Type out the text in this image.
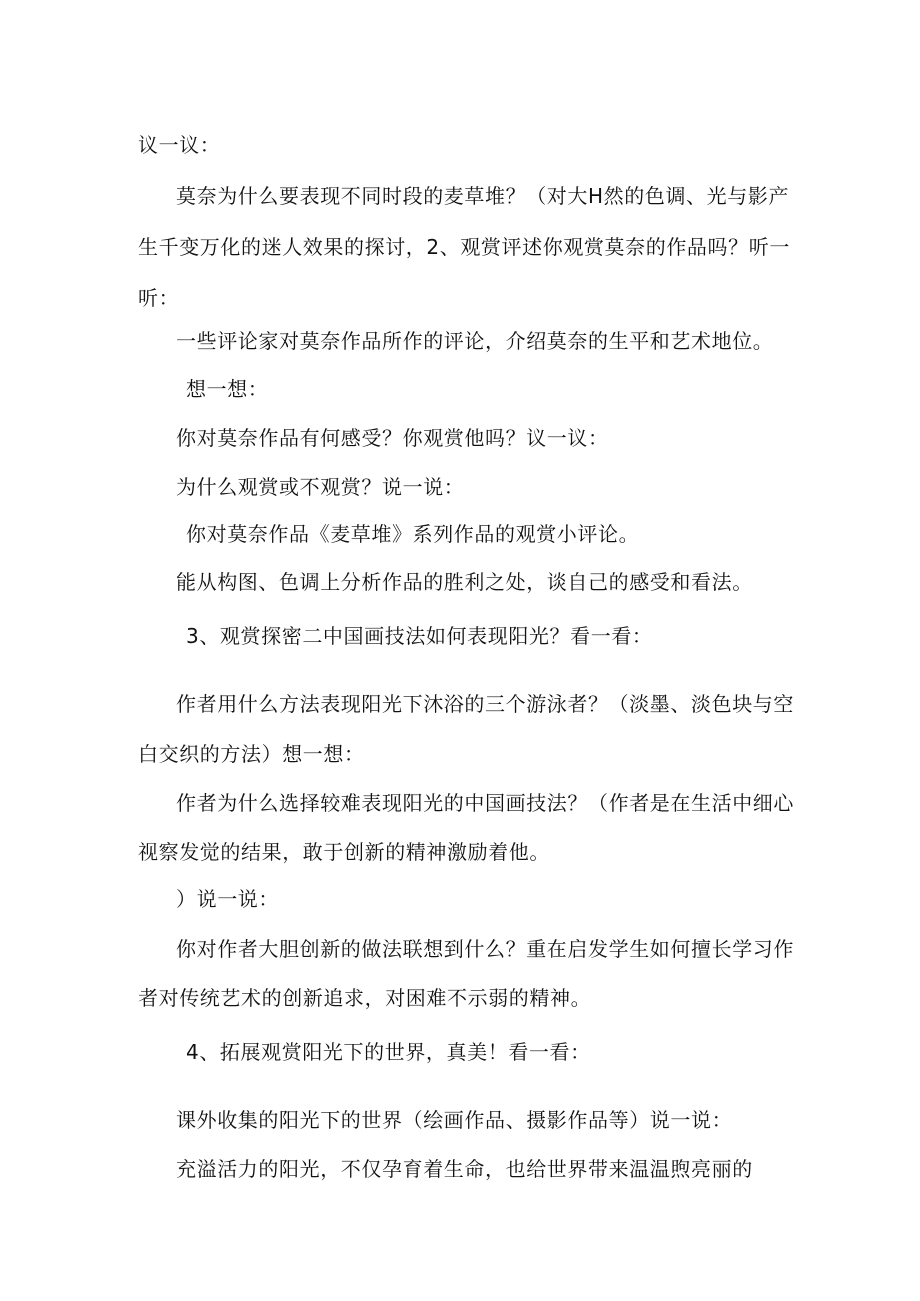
议一议：
莫奈为什么要表现不同时段的麦草堆？（对大H然的色调、光与影产
生千变万化的迷人效果的探讨，2、观赏评述你观赏莫奈的作品吗？听一
听：
一些评论家对莫奈作品所作的评论，介绍莫奈的生平和艺术地位。
想一想：
你对莫奈作品有何感受？你观赏他吗？议一议：
为什么观赏或不观赏？说一说：
你对莫奈作品《麦草堆》系列作品的观赏小评论。
能从构图、色调上分析作品的胜利之处，谈自己的感受和看法。
3、观赏探密二中国画技法如何表现阳光？看一看：
作者用什么方法表现阳光下沐浴的三个游泳者？（淡墨、淡色块与空
白交织的方法）想一想：
作者为什么选择较难表现阳光的中国画技法？（作者是在生活中细心
视察发觉的结果，敢于创新的精神激励着他。
）说一说：
你对作者大胆创新的做法联想到什么？重在启发学生如何擅长学习作
者对传统艺术的创新追求，对困难不示弱的精神。
4、拓展观赏阳光下的世界，真美！看一看：
课外收集的阳光下的世界（绘画作品、摄影作品等）说一说：
充溢活力的阳光，不仅孕育着生命，也给世界带来温温煦亮丽的
